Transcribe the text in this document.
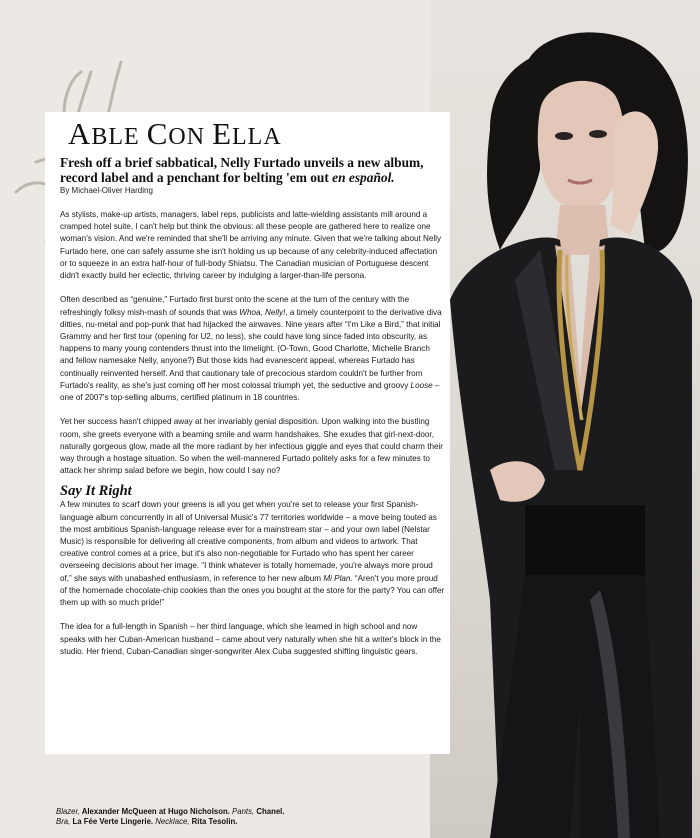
ABLE CON ELLA

Fresh off a brief sabbatical, Nelly Furtado unveils a new album, record label and a penchant for belting 'em out en español.

By Michael-Oliver Harding

As stylists, make-up artists, managers, label reps, publicists and latte-wielding assistants mill around a cramped hotel suite, I can't help but think the obvious: all these people are gathered here to realize one woman's vision. And we're reminded that she'll be arriving any minute. Given that we're talking about Nelly Furtado here, one can safely assume she isn't holding us up because of any celebrity-induced affectation or to squeeze in an extra half-hour of full-body Shiatsu. The Canadian musician of Portuguese descent didn't exactly build her eclectic, thriving career by indulging a larger-than-life persona.

Often described as “genuine,” Furtado first burst onto the scene at the turn of the century with the refreshingly folksy mish-mash of sounds that was Whoa, Nelly!, a timely counterpoint to the derivative diva ditties, nu-metal and pop-punk that had hijacked the airwaves. Nine years after “I'm Like a Bird,” that initial Grammy and her first tour (opening for U2, no less), she could have long since faded into obscurity, as happens to many young contenders thrust into the limelight. (O-Town, Good Charlotte, Michelle Branch and fellow namesake Nelly, anyone?) But those kids had evanescent appeal, whereas Furtado has continually reinvented herself. And that cautionary tale of precocious stardom couldn't be further from Furtado's reality, as she's just coming off her most colossal triumph yet, the seductive and groovy Loose – one of 2007's top-selling albums, certified platinum in 18 countries.

Yet her success hasn't chipped away at her invariably genial disposition. Upon walking into the bustling room, she greets everyone with a beaming smile and warm handshakes. She exudes that girl-next-door, naturally gorgeous glow, made all the more radiant by her infectious giggle and eyes that could charm their way through a hostage situation. So when the well-mannered Furtado politely asks for a few minutes to attack her shrimp salad before we begin, how could I say no?

Say It Right

A few minutes to scarf down your greens is all you get when you're set to release your first Spanish-language album concurrently in all of Universal Music's 77 territories worldwide – a move being touted as the most ambitious Spanish-language release ever for a mainstream star – and your own label (Nelstar Music) is responsible for delivering all creative components, from album and videos to artwork. That creative control comes at a price, but it's also non-negotiable for Furtado who has spent her career overseeing decisions about her image. “I think whatever is totally homemade, you're always more proud of,” she says with unabashed enthusiasm, in reference to her new album Mi Plan. “Aren't you more proud of the homemade chocolate-chip cookies than the ones you bought at the store for the party? You can offer them up with so much pride!”

The idea for a full-length in Spanish – her third language, which she learned in high school and now speaks with her Cuban-American husband – came about very naturally when she hit a writer's block in the studio. Her friend, Cuban-Canadian singer-songwriter Alex Cuba suggested shifting linguistic gears.

Blazer, Alexander McQueen at Hugo Nicholson. Pants, Chanel.
Bra, La Fée Verte Lingerie. Necklace, Rita Tesolin.
